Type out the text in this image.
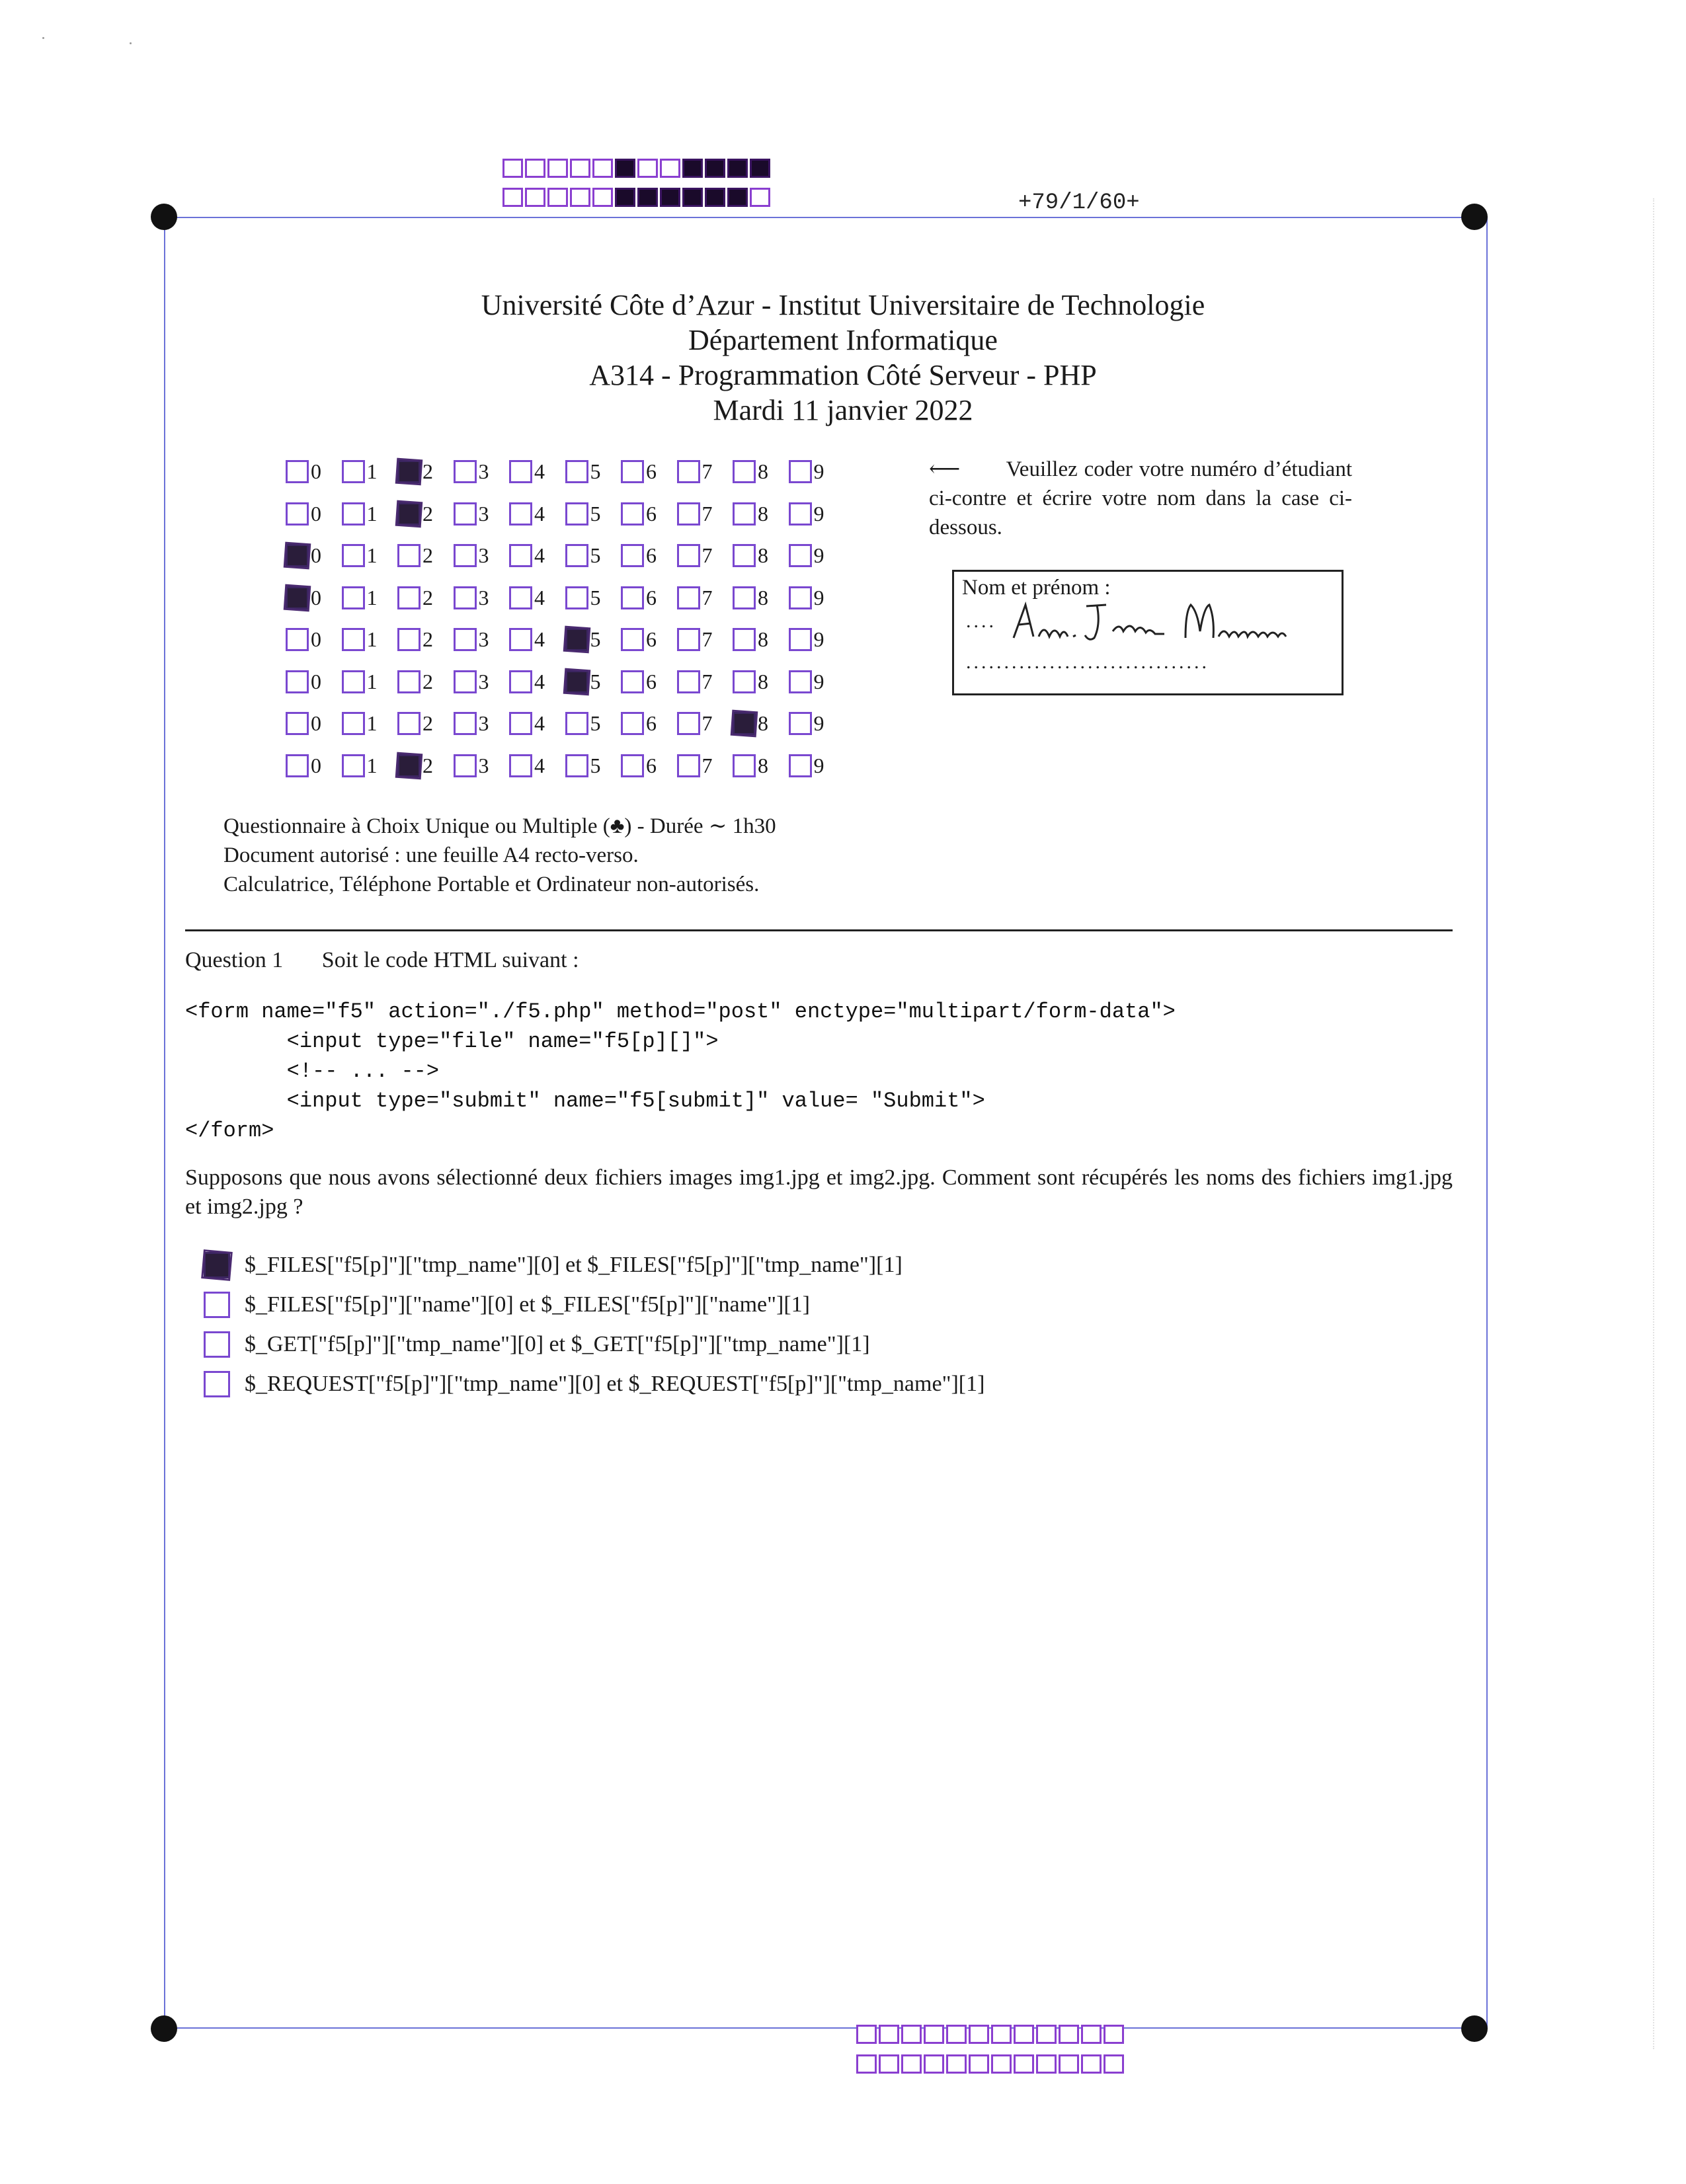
+79/1/60+
Université Côte d’Azur - Institut Universitaire de Technologie
Département Informatique
A314 - Programmation Côté Serveur - PHP
Mardi 11 janvier 2022
0 1 2 3 4 5 6 7 8 9
0 1 2 3 4 5 6 7 8 9
0 1 2 3 4 5 6 7 8 9
0 1 2 3 4 5 6 7 8 9
0 1 2 3 4 5 6 7 8 9
0 1 2 3 4 5 6 7 8 9
0 1 2 3 4 5 6 7 8 9
0 1 2 3 4 5 6 7 8 9
⟵ Veuillez coder votre numéro d’étudiant ci-contre et écrire votre nom dans la case ci-dessous.
Nom et prénom :
....
................................
Questionnaire à Choix Unique ou Multiple (♣) - Durée ∼ 1h30
Document autorisé : une feuille A4 recto-verso.
Calculatrice, Téléphone Portable et Ordinateur non-autorisés.
Question 1 Soit le code HTML suivant :
<form name="f5" action="./f5.php" method="post" enctype="multipart/form-data">
<input type="file" name="f5[p][]">
<!-- ... -->
<input type="submit" name="f5[submit]" value= "Submit">
</form>
Supposons que nous avons sélectionné deux fichiers images img1.jpg et img2.jpg. Comment sont récupérés les noms des fichiers img1.jpg et img2.jpg ?
$_FILES["f5[p]"]["tmp_name"][0] et $_FILES["f5[p]"]["tmp_name"][1]
$_FILES["f5[p]"]["name"][0] et $_FILES["f5[p]"]["name"][1]
$_GET["f5[p]"]["tmp_name"][0] et $_GET["f5[p]"]["tmp_name"][1]
$_REQUEST["f5[p]"]["tmp_name"][0] et $_REQUEST["f5[p]"]["tmp_name"][1]
